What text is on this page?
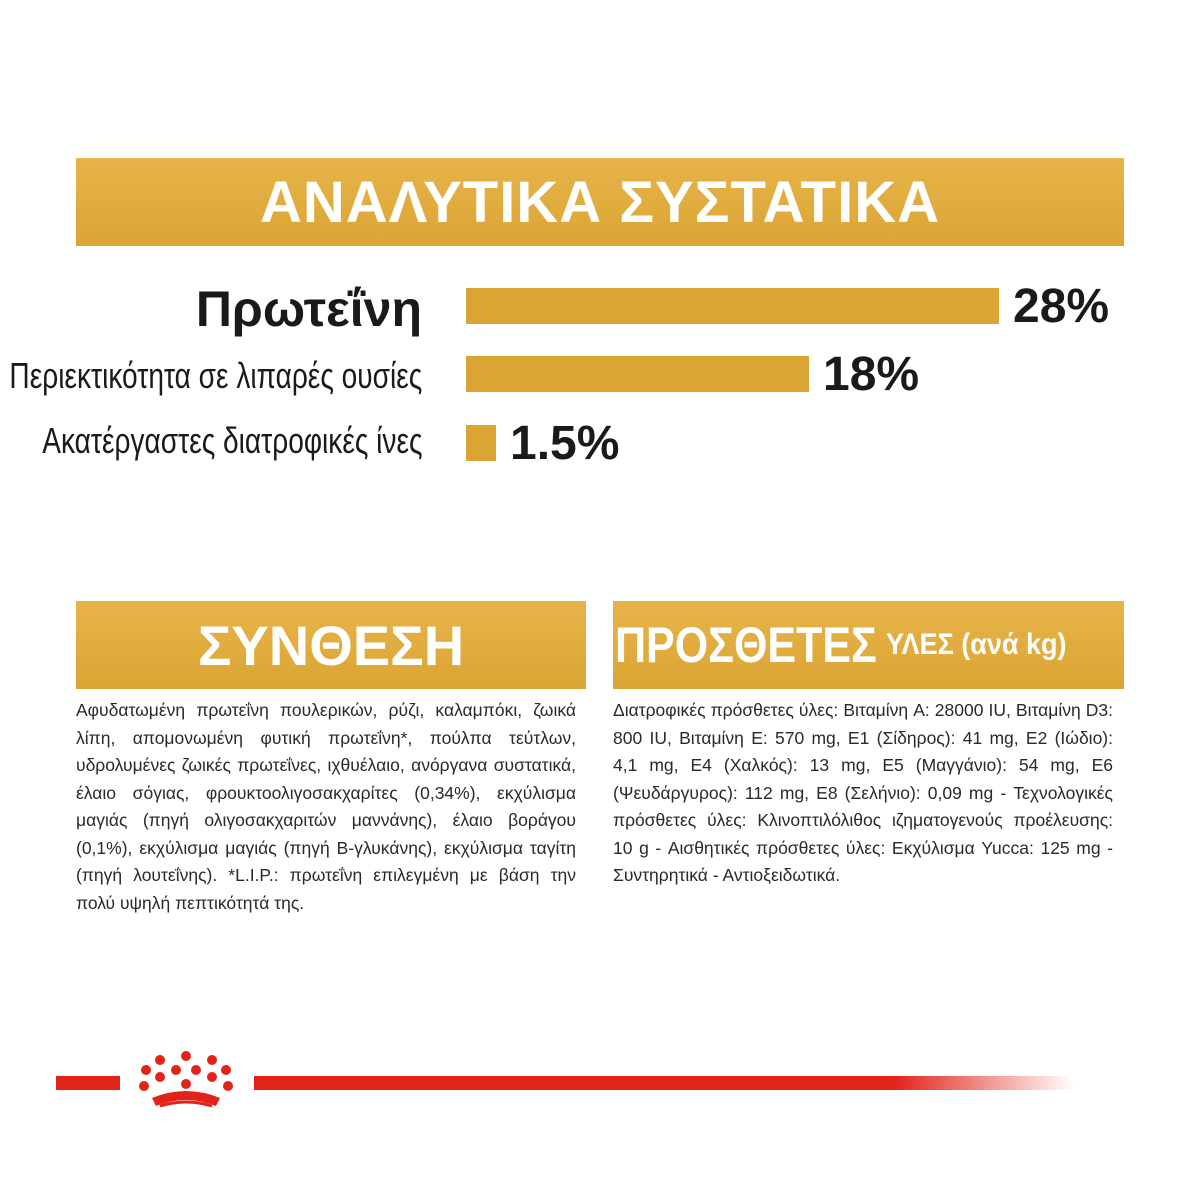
ΑΝΑΛΥΤΙΚΑ ΣΥΣΤΑΤΙΚΑ
Πρωτεΐνη
Περιεκτικότητα σε λιπαρές ουσίες
Ακατέργαστες διατροφικές ίνες
28%
18%
1.5%
ΣΥΝΘΕΣΗ	ΠΡΟΣΘΕΤΕΣ ΥΛΕΣ (ανά kg)
Αφυδατωμένη πρωτεΐνη πουλερικών, ρύζι, καλαμπόκι, ζωικά λίπη, απομονωμένη φυτική πρωτεΐνη*, πούλπα τεύτλων, υδρολυμένες ζωικές πρωτεΐνες, ιχθυέλαιο, ανόργανα συστατικά, έλαιο σόγιας, φρουκτοολιγοσακχαρίτες (0,34%), εκχύλισμα μαγιάς (πηγή ολιγοσακχαριτών μαννάνης), έλαιο βοράγου (0,1%), εκχύλισμα μαγιάς (πηγή Β-γλυκάνης), εκχύλισμα ταγίτη (πηγή λουτεΐνης). *L.I.P.: πρωτεΐνη επιλεγμένη με βάση την πολύ υψηλή πεπτικότητά της.
Διατροφικές πρόσθετες ύλες: Βιταμίνη A: 28000 IU, Βιταμίνη D3: 800 IU, Βιταμίνη E: 570 mg, E1 (Σίδηρος): 41 mg, E2 (Ιώδιο): 4,1 mg, E4 (Χαλκός): 13 mg, E5 (Μαγγάνιο): 54 mg, E6 (Ψευδάργυρος): 112 mg, E8 (Σελήνιο): 0,09 mg - Τεχνολογικές πρόσθετες ύλες: Κλινοπτιλόλιθος ιζηματογενούς προέλευσης: 10 g - Αισθητικές πρόσθετες ύλες: Εκχύλισμα Yucca: 125 mg - Συντηρητικά - Αντιοξειδωτικά.
